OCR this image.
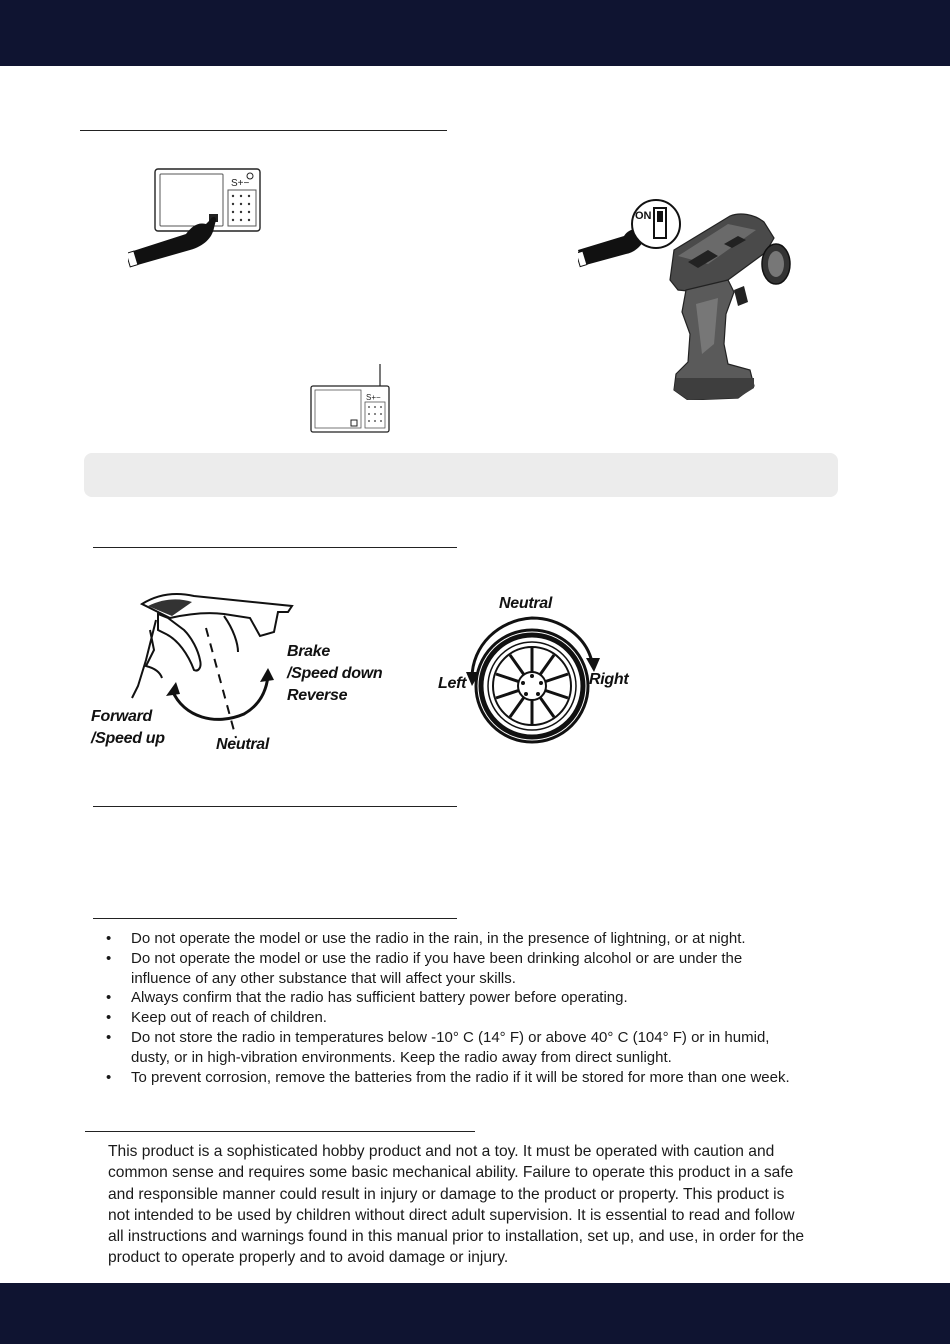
S+−
S+−
ON
Brake
/Speed down
Reverse
Forward
/Speed up	Neutral
Neutral
Left	Right
• Do not operate the model or use the radio in the rain, in the presence of lightning, or at night.
• Do not operate the model or use the radio if you have been drinking alcohol or are under the
influence of any other substance that will affect your skills.
• Always confirm that the radio has sufficient battery power before operating.
• Keep out of reach of children.
• Do not store the radio in temperatures below -10° C (14° F) or above 40° C (104° F) or in humid,
dusty, or in high-vibration environments. Keep the radio away from direct sunlight.
• To prevent corrosion, remove the batteries from the radio if it will be stored for more than one week.
This product is a sophisticated hobby product and not a toy. It must be operated with caution and
common sense and requires some basic mechanical ability. Failure to operate this product in a safe
and responsible manner could result in injury or damage to the product or property. This product is
not intended to be used by children without direct adult supervision. It is essential to read and follow
all instructions and warnings found in this manual prior to installation, set up, and use, in order for the
product to operate properly and to avoid damage or injury.
